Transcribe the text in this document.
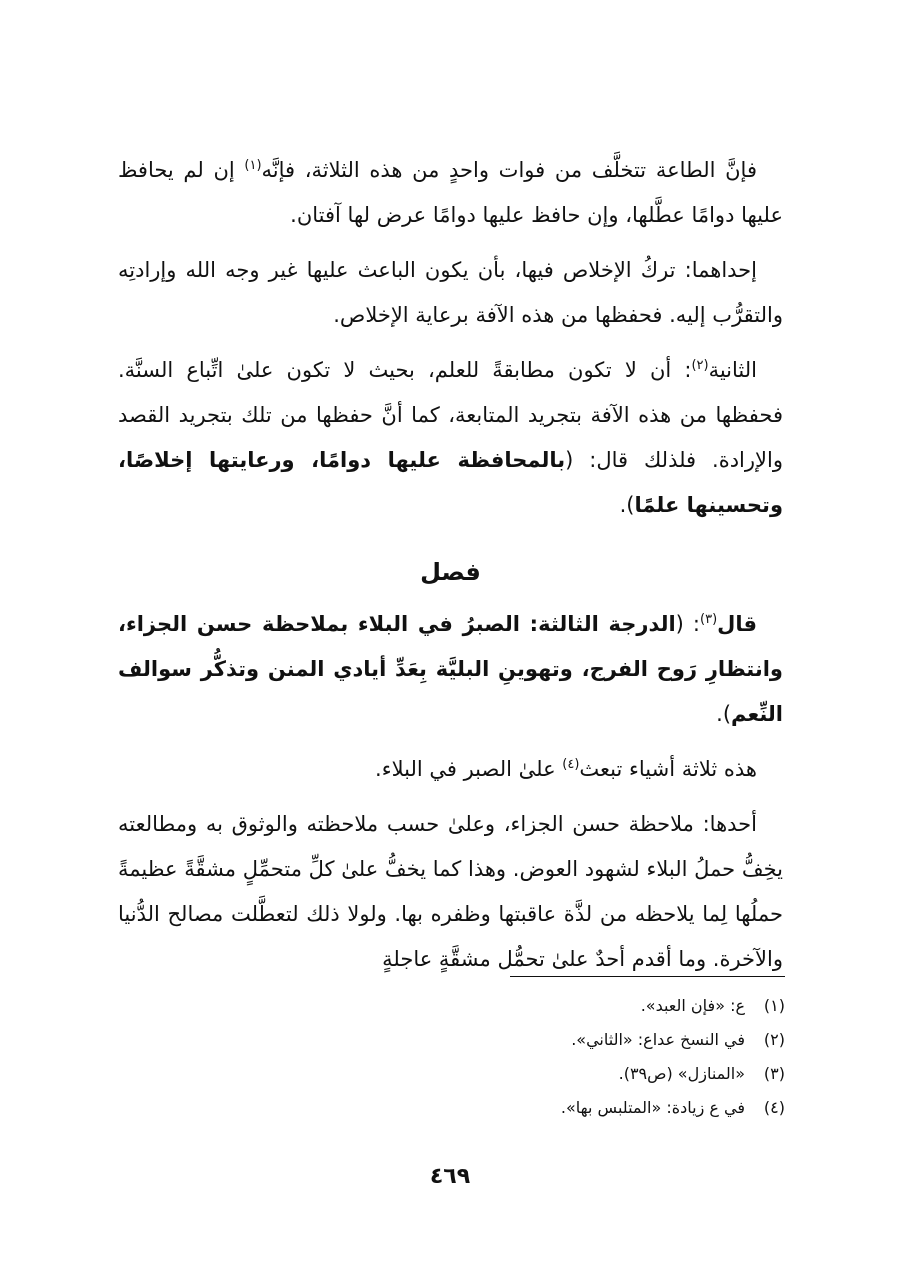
فإنَّ الطاعة تتخلَّف من فوات واحدٍ من هذه الثلاثة، فإنَّه$^{(١)}$ إن لم يحافظ عليها دوامًا عطَّلها، وإن حافظ عليها دوامًا عرض لها آفتان.

إحداهما: تركُ الإخلاص فيها، بأن يكون الباعث عليها غير وجه الله وإرادتِه والتقرُّب إليه. فحفظها من هذه الآفة برعاية الإخلاص.

الثانية$^{(٢)}$: أن لا تكون مطابقةً للعلم، بحيث لا تكون علىٰ اتِّباع السنَّة. فحفظها من هذه الآفة بتجريد المتابعة، كما أنَّ حفظها من تلك بتجريد القصد والإرادة. فلذلك قال: (بالمحافظة عليها دوامًا، ورعايتها إخلاصًا، وتحسينها علمًا).

فصل

قال$^{(٣)}$: (الدرجة الثالثة: الصبرُ في البلاء بملاحظة حسن الجزاء، وانتظارِ رَوح الفرج، وتهوينِ البليَّة بِعَدِّ أيادي المنن وتذكُّر سوالف النِّعم).

هذه ثلاثة أشياء تبعث$^{(٤)}$ علىٰ الصبر في البلاء.

أحدها: ملاحظة حسن الجزاء، وعلىٰ حسب ملاحظته والوثوق به ومطالعته يخِفُّ حملُ البلاء لشهود العوض. وهذا كما يخفُّ علىٰ كلِّ متحمِّلٍ مشقَّةً عظيمةً حملُها لِما يلاحظه من لذَّة عاقبتها وظفره بها. ولولا ذلك لتعطَّلت مصالح الدُّنيا والآخرة. وما أقدم أحدٌ علىٰ تحمُّل مشقَّةٍ عاجلةٍ

(١)ع: «فإن العبد».

(٢)في النسخ عداع: «الثاني».

(٣)«المنازل» (ص٣٩).

(٤)في ع زيادة: «المتلبس بها».

٤٦٩
